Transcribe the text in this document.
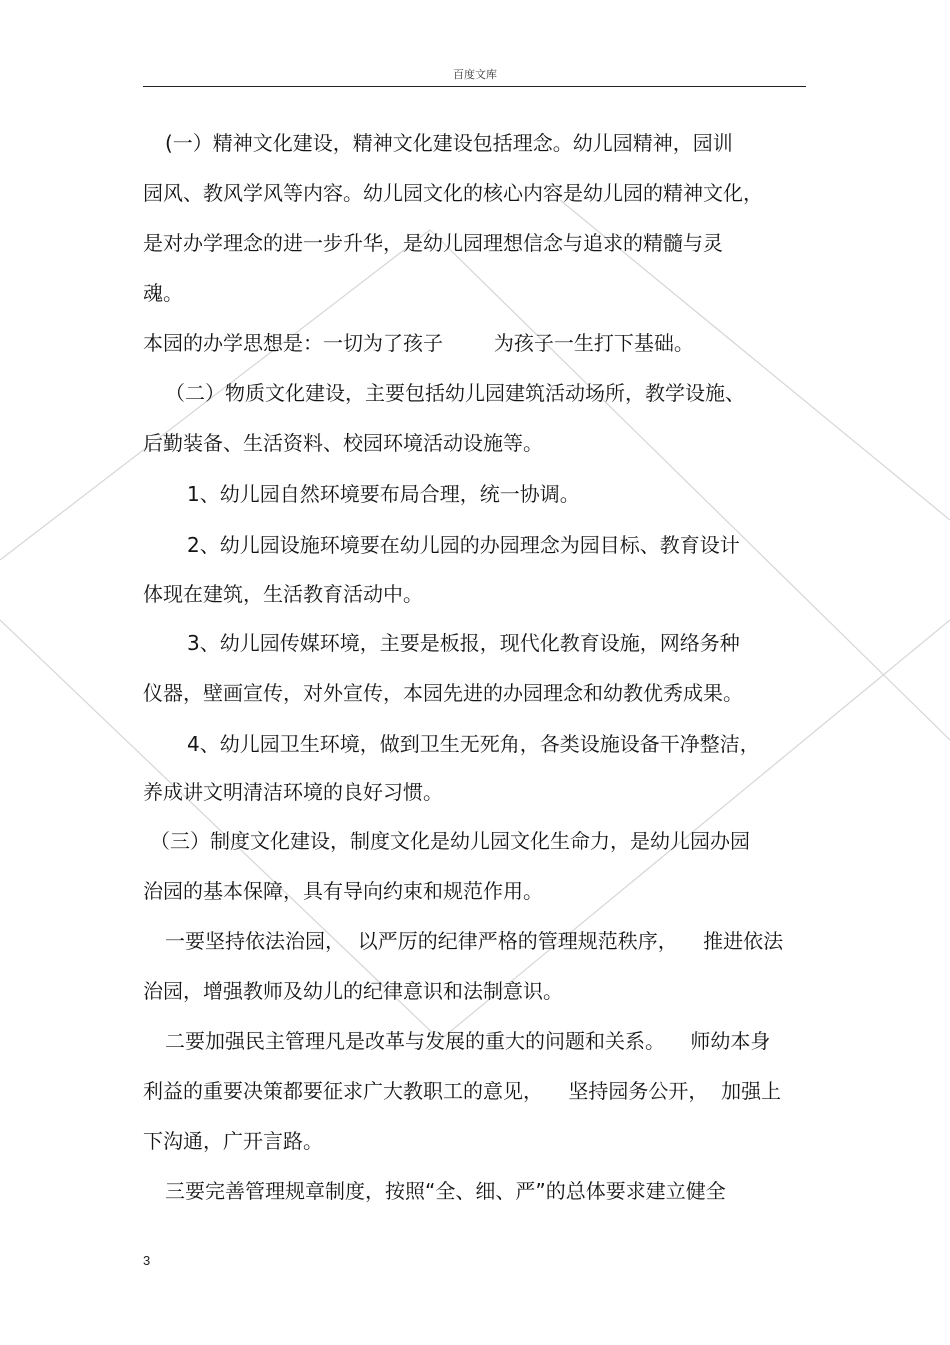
百度文库
(一）精神文化建设，精神文化建设包括理念。幼儿园精神，园训
园风、教风学风等内容。幼儿园文化的核心内容是幼儿园的精神文化，
是对办学理念的进一步升华，是幼儿园理想信念与追求的精髓与灵
魂。
本园的办学思想是：一切为了孩子        为孩子一生打下基础。
（二）物质文化建设，主要包括幼儿园建筑活动场所，教学设施、
后勤装备、生活资料、校园环境活动设施等。
1、幼儿园自然环境要布局合理，统一协调。
2、幼儿园设施环境要在幼儿园的办园理念为园目标、教育设计
体现在建筑，生活教育活动中。
3、幼儿园传媒环境，主要是板报，现代化教育设施，网络务种
仪器，壁画宣传，对外宣传，本园先进的办园理念和幼教优秀成果。
4、幼儿园卫生环境，做到卫生无死角，各类设施设备干净整洁，
养成讲文明清洁环境的良好习惯。
（三）制度文化建设，制度文化是幼儿园文化生命力，是幼儿园办园
治园的基本保障，具有导向约束和规范作用。
一要坚持依法治园，  以严厉的纪律严格的管理规范秩序，    推进依法
治园，增强教师及幼儿的纪律意识和法制意识。
二要加强民主管理凡是改革与发展的重大的问题和关系。    师幼本身
利益的重要决策都要征求广大教职工的意见，    坚持园务公开，  加强上
下沟通，广开言路。
三要完善管理规章制度，按照“全、细、严”的总体要求建立健全
3
